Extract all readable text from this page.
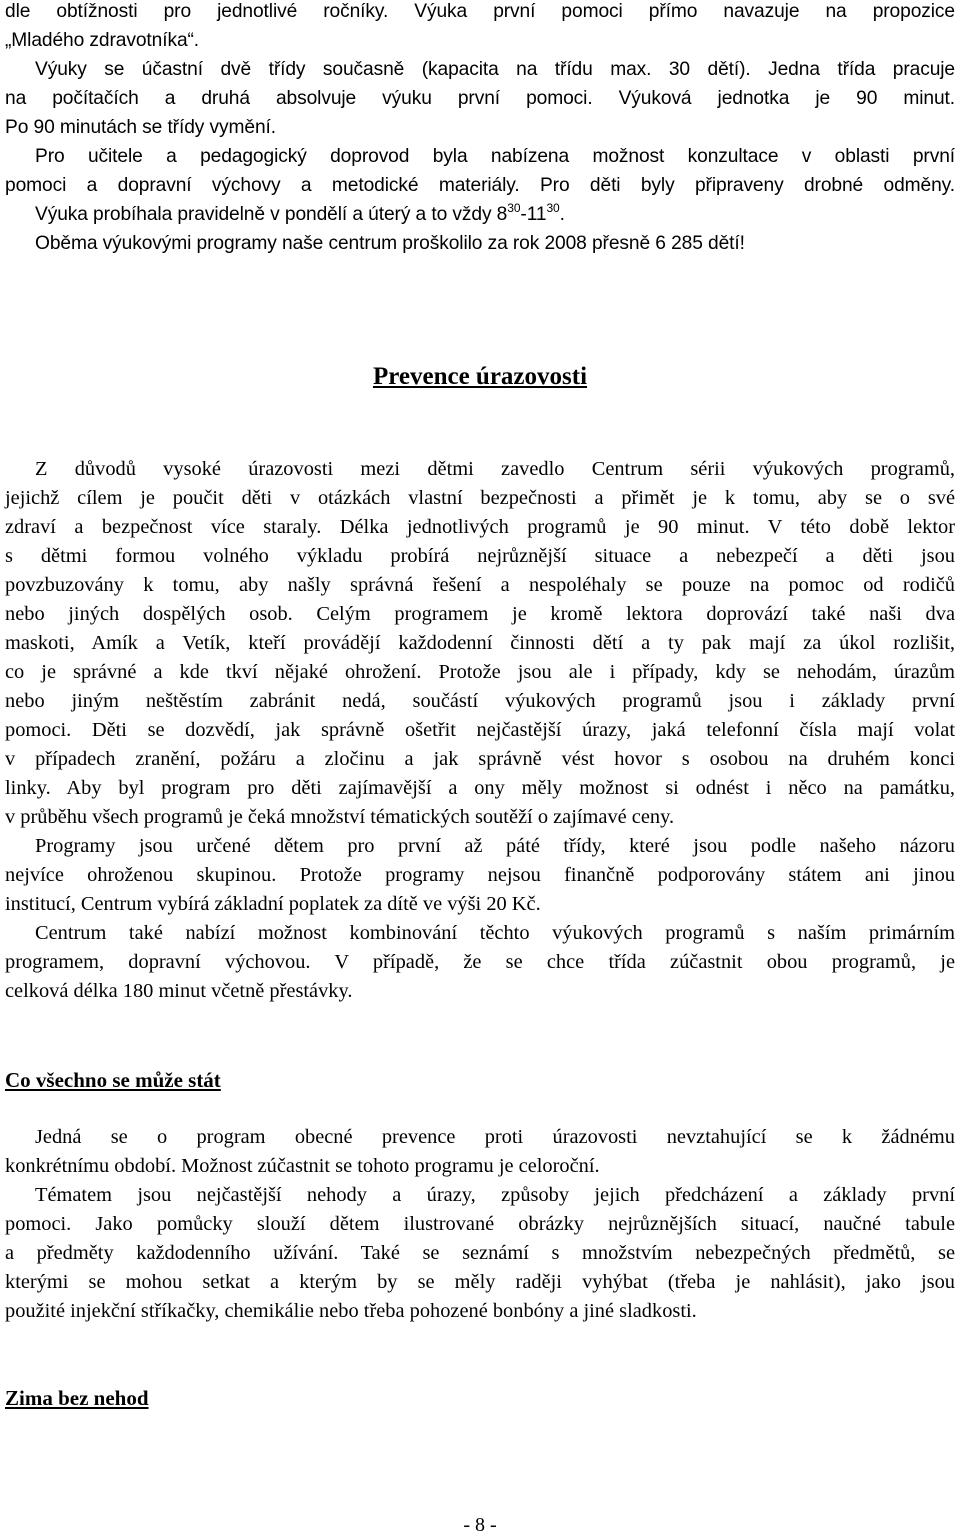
dle obtížnosti pro jednotlivé ročníky. Výuka první pomoci přímo navazuje na propozice
„Mladého zdravotníka“.
Výuky se účastní dvě třídy současně (kapacita na třídu max. 30 dětí). Jedna třída pracuje
na počítačích a druhá absolvuje výuku první pomoci. Výuková jednotka je 90 minut.
Po 90 minutách se třídy vymění.
Pro učitele a pedagogický doprovod byla nabízena možnost konzultace v oblasti první
pomoci a dopravní výchovy a metodické materiály. Pro děti byly připraveny drobné odměny.
Výuka probíhala pravidelně v pondělí a úterý a to vždy $8^{30}-11^{30}$.
Oběma výukovými programy naše centrum proškolilo za rok 2008 přesně 6 285 dětí!
Prevence úrazovosti
Z důvodů vysoké úrazovosti mezi dětmi zavedlo Centrum sérii výukových programů,
jejichž cílem je poučit děti v otázkách vlastní bezpečnosti a přimět je k tomu, aby se o své
zdraví a bezpečnost více staraly. Délka jednotlivých programů je 90 minut. V této době lektor
s dětmi formou volného výkladu probírá nejrůznější situace a nebezpečí a děti jsou
povzbuzovány k tomu, aby našly správná řešení a nespoléhaly se pouze na pomoc od rodičů
nebo jiných dospělých osob. Celým programem je kromě lektora doprovází také naši dva
maskoti, Amík a Vetík, kteří provádějí každodenní činnosti dětí a ty pak mají za úkol rozlišit,
co je správné a kde tkví nějaké ohrožení. Protože jsou ale i případy, kdy se nehodám, úrazům
nebo jiným neštěstím zabránit nedá, součástí výukových programů jsou i základy první
pomoci. Děti se dozvědí, jak správně ošetřit nejčastější úrazy, jaká telefonní čísla mají volat
v případech zranění, požáru a zločinu a jak správně vést hovor s osobou na druhém konci
linky. Aby byl program pro děti zajímavější a ony měly možnost si odnést i něco na památku,
v průběhu všech programů je čeká množství tématických soutěží o zajímavé ceny.
Programy jsou určené dětem pro první až páté třídy, které jsou podle našeho názoru
nejvíce ohroženou skupinou. Protože programy nejsou finančně podporovány státem ani jinou
institucí, Centrum vybírá základní poplatek za dítě ve výši 20 Kč.
Centrum také nabízí možnost kombinování těchto výukových programů s naším primárním
programem, dopravní výchovou. V případě, že se chce třída zúčastnit obou programů, je
celková délka 180 minut včetně přestávky.
Co všechno se může stát
Jedná se o program obecné prevence proti úrazovosti nevztahující se k žádnému
konkrétnímu období. Možnost zúčastnit se tohoto programu je celoroční.
Tématem jsou nejčastější nehody a úrazy, způsoby jejich předcházení a základy první
pomoci. Jako pomůcky slouží dětem ilustrované obrázky nejrůznějších situací, naučné tabule
a předměty každodenního užívání. Také se seznámí s množstvím nebezpečných předmětů, se
kterými se mohou setkat a kterým by se měly raději vyhýbat (třeba je nahlásit), jako jsou
použité injekční stříkačky, chemikálie nebo třeba pohozené bonbóny a jiné sladkosti.
Zima bez nehod
- 8 -
